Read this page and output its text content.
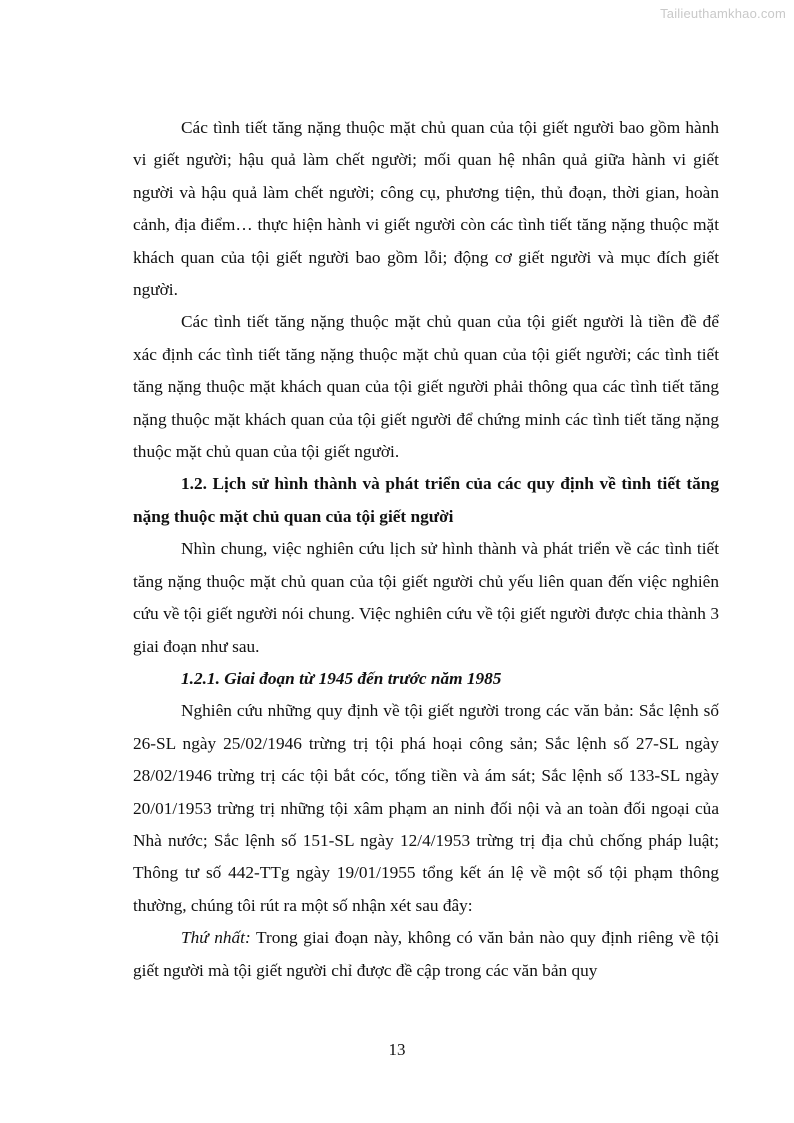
Tailieuthamkhao.com

Các tình tiết tăng nặng thuộc mặt chủ quan của tội giết người bao gồm hành vi giết người; hậu quả làm chết người; mối quan hệ nhân quả giữa hành vi giết người và hậu quả làm chết người; công cụ, phương tiện, thủ đoạn, thời gian, hoàn cảnh, địa điểm… thực hiện hành vi giết người còn các tình tiết tăng nặng thuộc mặt khách quan của tội giết người bao gồm lỗi; động cơ giết người và mục đích giết người.

Các tình tiết tăng nặng thuộc mặt chủ quan của tội giết người là tiền đề để xác định các tình tiết tăng nặng thuộc mặt chủ quan của tội giết người; các tình tiết tăng nặng thuộc mặt khách quan của tội giết người phải thông qua các tình tiết tăng nặng thuộc mặt khách quan của tội giết người để chứng minh các tình tiết tăng nặng thuộc mặt chủ quan của tội giết người.

1.2. Lịch sử hình thành và phát triển của các quy định về tình tiết tăng nặng thuộc mặt chủ quan của tội giết người

Nhìn chung, việc nghiên cứu lịch sử hình thành và phát triển về các tình tiết tăng nặng thuộc mặt chủ quan của tội giết người chủ yếu liên quan đến việc nghiên cứu về tội giết người nói chung. Việc nghiên cứu về tội giết người được chia thành 3 giai đoạn như sau.

1.2.1. Giai đoạn từ 1945 đến trước năm 1985

Nghiên cứu những quy định về tội giết người trong các văn bản: Sắc lệnh số 26-SL ngày 25/02/1946 trừng trị tội phá hoại công sản; Sắc lệnh số 27-SL ngày 28/02/1946 trừng trị các tội bắt cóc, tống tiền và ám sát; Sắc lệnh số 133-SL ngày 20/01/1953 trừng trị những tội xâm phạm an ninh đối nội và an toàn đối ngoại của Nhà nước; Sắc lệnh số 151-SL ngày 12/4/1953 trừng trị địa chủ chống pháp luật; Thông tư số 442-TTg ngày 19/01/1955 tổng kết án lệ về một số tội phạm thông thường, chúng tôi rút ra một số nhận xét sau đây:

Thứ nhất: Trong giai đoạn này, không có văn bản nào quy định riêng về tội giết người mà tội giết người chỉ được đề cập trong các văn bản quy

13
